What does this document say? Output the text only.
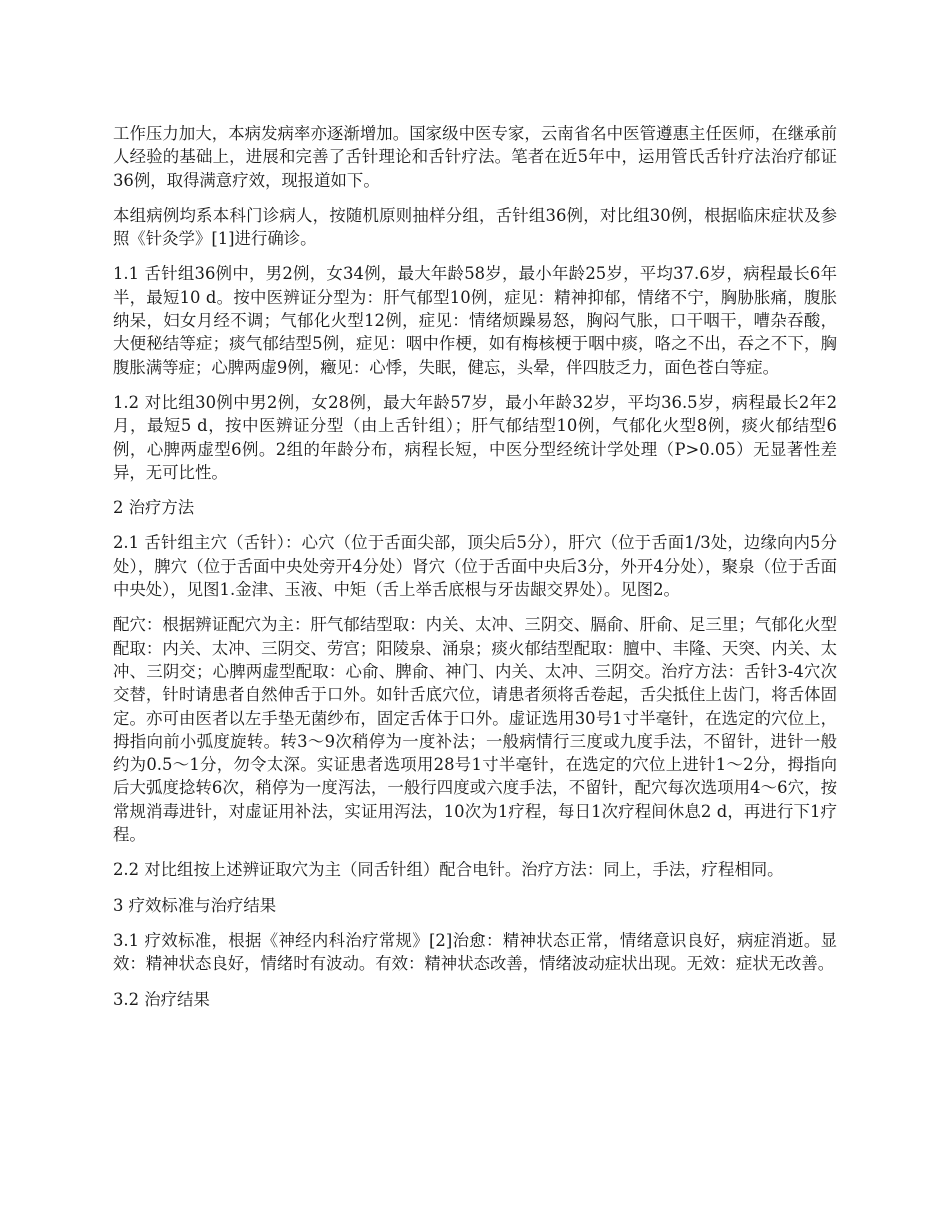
工作压力加大，本病发病率亦逐渐增加。国家级中医专家，云南省名中医管遵惠主任医师，在继承前人经验的基础上，进展和完善了舌针理论和舌针疗法。笔者在近5年中，运用管氏舌针疗法治疗郁证36例，取得满意疗效，现报道如下。

本组病例均系本科门诊病人，按随机原则抽样分组，舌针组36例，对比组30例，根据临床症状及参照《针灸学》[1]进行确诊。

1.1 舌针组36例中，男2例，女34例，最大年龄58岁，最小年龄25岁，平均37.6岁，病程最长6年半，最短10 d。按中医辨证分型为：肝气郁型10例，症见：精神抑郁，情绪不宁，胸胁胀痛，腹胀纳呆，妇女月经不调；气郁化火型12例，症见：情绪烦躁易怒，胸闷气胀，口干咽干，嘈杂吞酸，大便秘结等症；痰气郁结型5例，症见：咽中作梗，如有梅核梗于咽中痰，咯之不出，吞之不下，胸腹胀满等症；心脾两虚9例，癥见：心悸，失眠，健忘，头晕，伴四肢乏力，面色苍白等症。

1.2 对比组30例中男2例，女28例，最大年龄57岁，最小年龄32岁，平均36.5岁，病程最长2年2月，最短5 d，按中医辨证分型（由上舌针组）；肝气郁结型10例，气郁化火型8例，痰火郁结型6例，心脾两虚型6例。2组的年龄分布，病程长短，中医分型经统计学处理（P>0.05）无显著性差异，无可比性。

2 治疗方法

2.1 舌针组主穴（舌针）：心穴（位于舌面尖部，顶尖后5分），肝穴（位于舌面1/3处，边缘向内5分处），脾穴（位于舌面中央处旁开4分处）肾穴（位于舌面中央后3分，外开4分处），聚泉（位于舌面中央处），见图1.金津、玉液、中矩（舌上举舌底根与牙齿龈交界处）。见图2。

配穴：根据辨证配穴为主：肝气郁结型取：内关、太冲、三阴交、膈俞、肝俞、足三里；气郁化火型配取：内关、太冲、三阴交、劳宫；阳陵泉、涌泉；痰火郁结型配取：膻中、丰隆、天突、内关、太冲、三阴交；心脾两虚型配取：心俞、脾俞、神门、内关、太冲、三阴交。治疗方法：舌针3-4穴次交替，针时请患者自然伸舌于口外。如针舌底穴位，请患者须将舌卷起，舌尖抵住上齿门，将舌体固定。亦可由医者以左手垫无菌纱布，固定舌体于口外。虚证选用30号1寸半毫针，在选定的穴位上，拇指向前小弧度旋转。转3～9次稍停为一度补法；一般病情行三度或九度手法，不留针，进针一般约为0.5～1分，勿令太深。实证患者选项用28号1寸半毫针，在选定的穴位上进针1～2分，拇指向后大弧度捻转6次，稍停为一度泻法，一般行四度或六度手法，不留针，配穴每次选项用4～6穴，按常规消毒进针，对虚证用补法，实证用泻法，10次为1疗程，每日1次疗程间休息2 d，再进行下1疗程。

2.2 对比组按上述辨证取穴为主（同舌针组）配合电针。治疗方法：同上，手法，疗程相同。

3 疗效标准与治疗结果

3.1 疗效标准，根据《神经内科治疗常规》[2]治愈：精神状态正常，情绪意识良好，病症消逝。显效：精神状态良好，情绪时有波动。有效：精神状态改善，情绪波动症状出现。无效：症状无改善。

3.2 治疗结果
